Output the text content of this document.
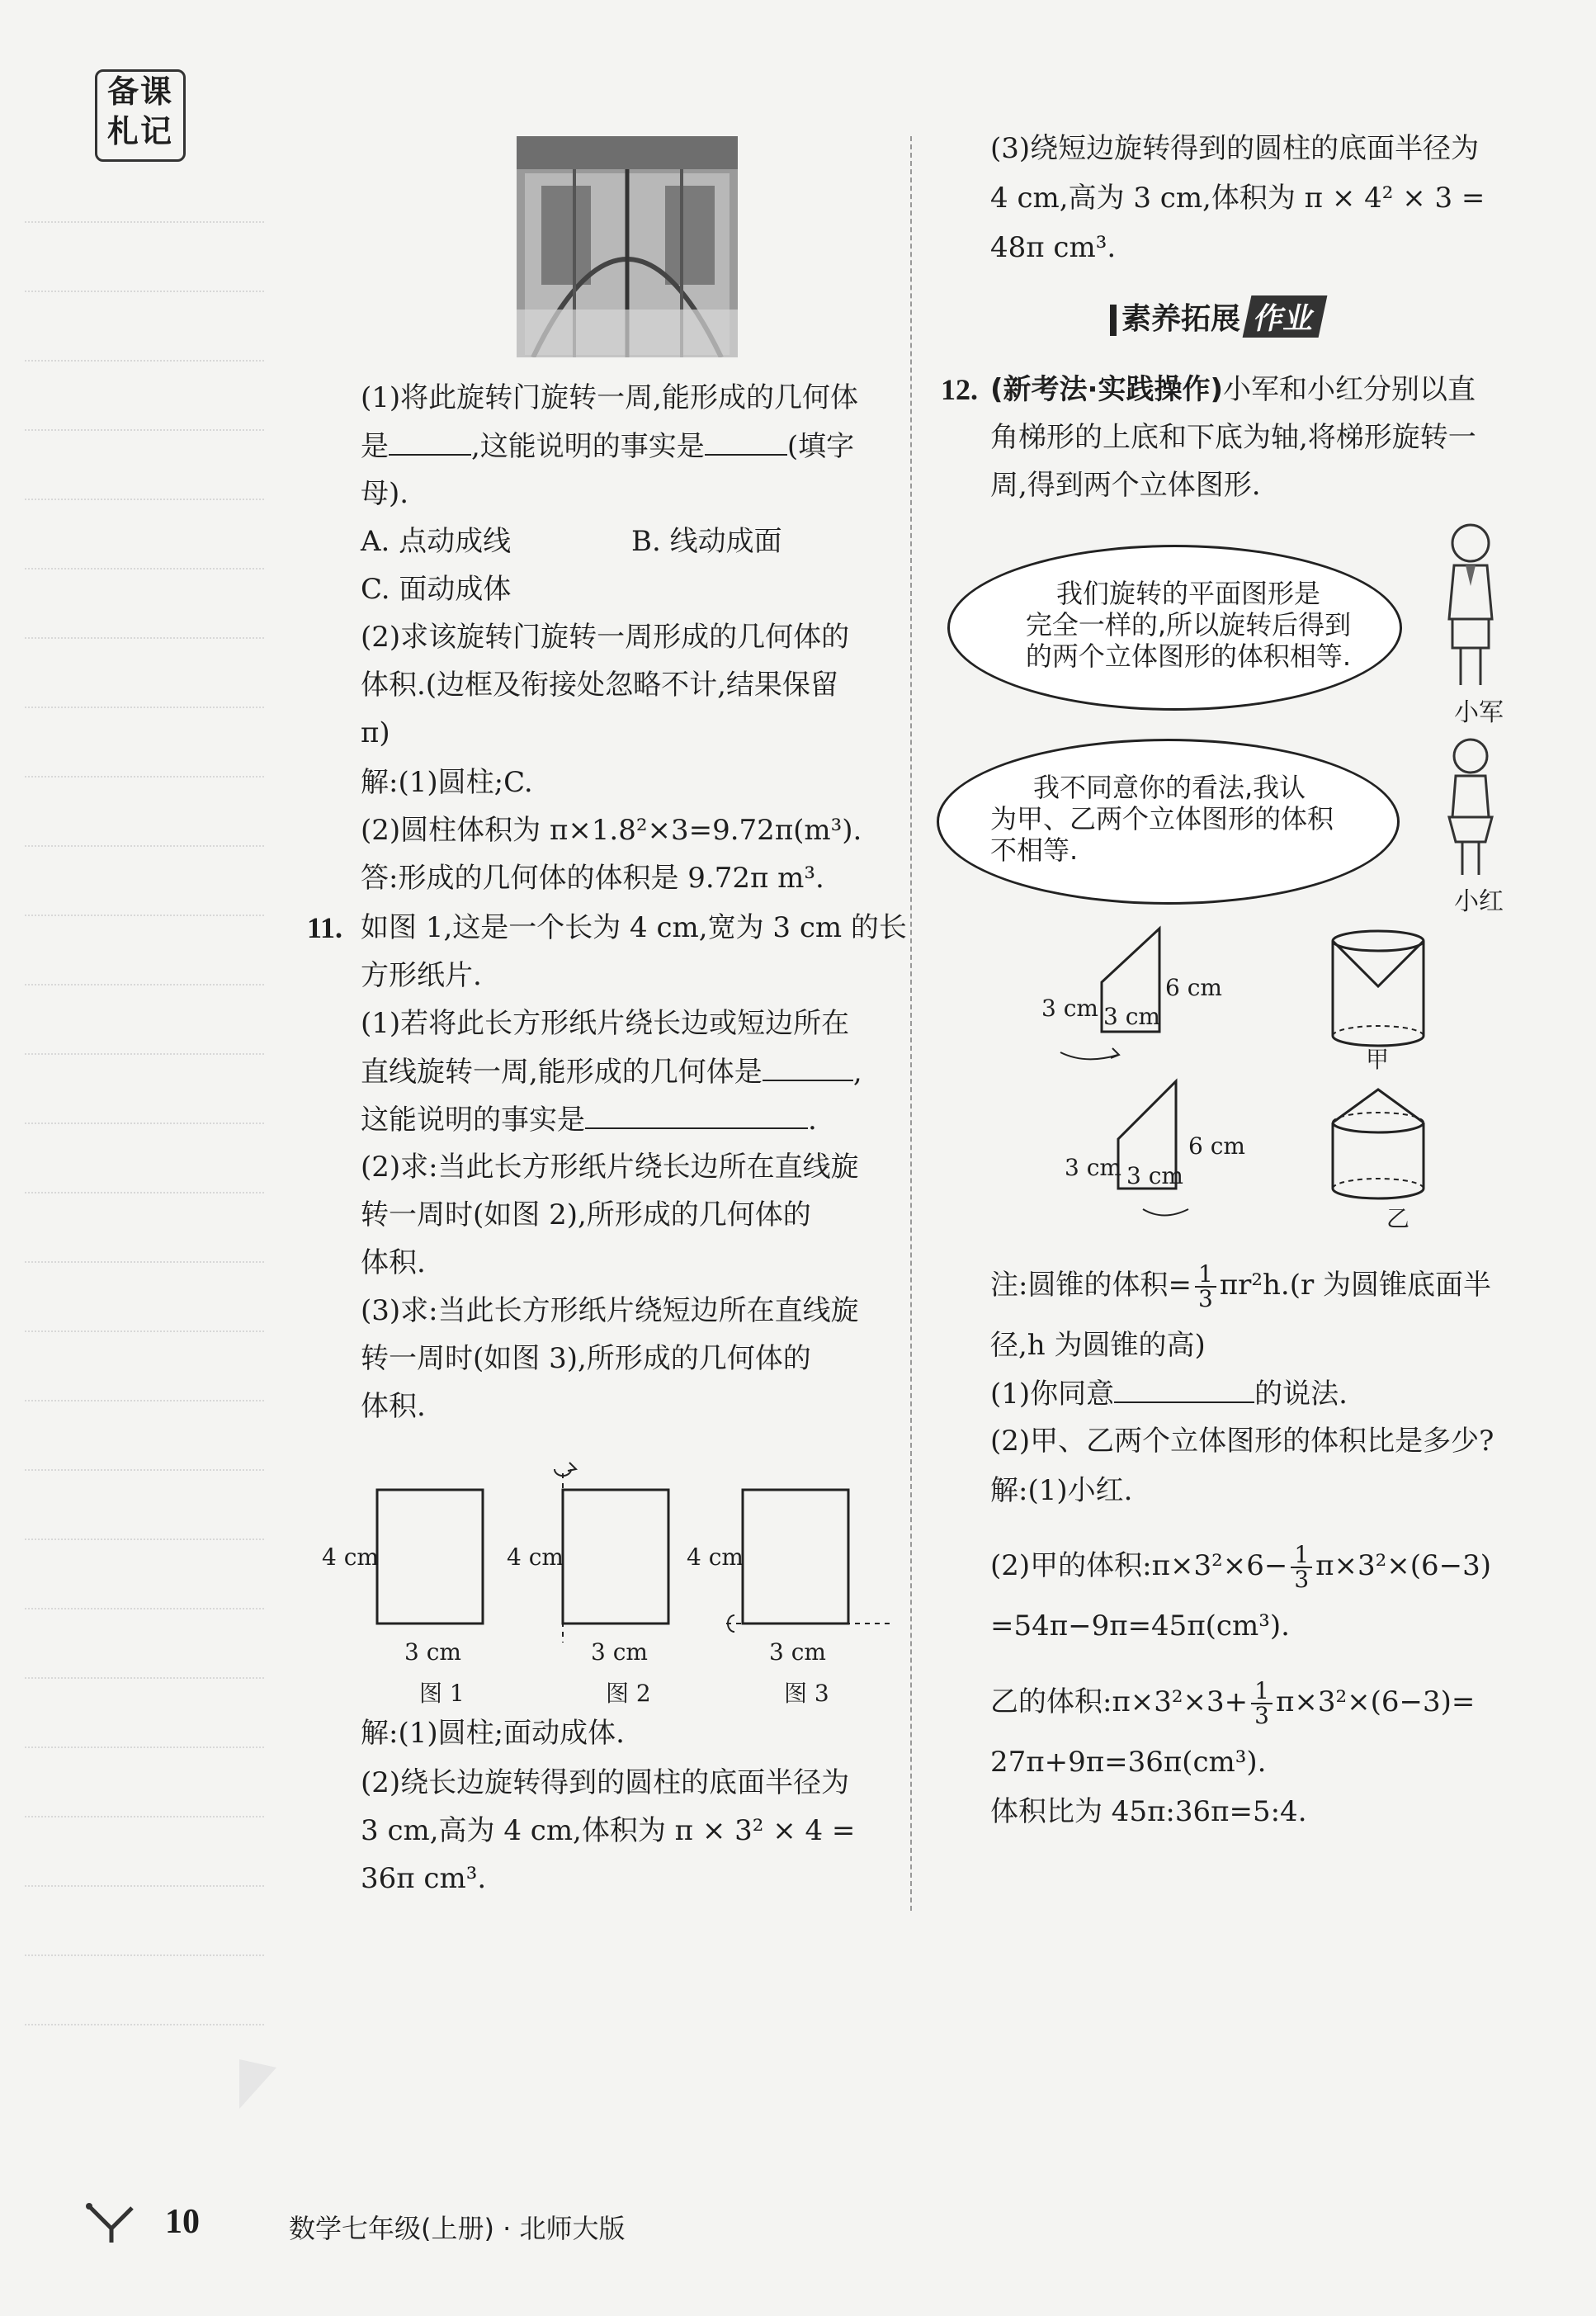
备课
札记
(1)将此旋转门旋转一周,能形成的几何体
是	,这能说明的事实是	(填字
母).
A. 点动成线	B. 线动成面
C. 面动成体
(2)求该旋转门旋转一周形成的几何体的
体积.(边框及衔接处忽略不计,结果保留
π)
解:(1)圆柱;C.
(2)圆柱体积为 π×1.8²×3=9.72π(m³).
答:形成的几何体的体积是 9.72π m³.
11. 如图 1,这是一个长为 4 cm,宽为 3 cm 的长
方形纸片.
(1)若将此长方形纸片绕长边或短边所在
直线旋转一周,能形成的几何体是	,
这能说明的事实是	.
(2)求:当此长方形纸片绕长边所在直线旋
转一周时(如图 2),所形成的几何体的
体积.
(3)求:当此长方形纸片绕短边所在直线旋
转一周时(如图 3),所形成的几何体的
体积.
4 cm
3 cm
图 1
4 cm
3 cm
图 2
4 cm
3 cm
图 3
解:(1)圆柱;面动成体.
(2)绕长边旋转得到的圆柱的底面半径为
3 cm,高为 4 cm,体积为 π × 3² × 4 =
36π cm³.
(3)绕短边旋转得到的圆柱的底面半径为
4 cm,高为 3 cm,体积为 π × 4² × 3 =
48π cm³.
素养拓展 作业
12. (新考法·实践操作)小军和小红分别以直
角梯形的上底和下底为轴,将梯形旋转一
周,得到两个立体图形.
我们旋转的平面图形是
完全一样的,所以旋转后得到
的两个立体图形的体积相等.
小军
我不同意你的看法,我认
为甲、乙两个立体图形的体积
不相等.
小红
3 cm 3 cm
6 cm
甲
3 cm 3 cm
6 cm
乙
注:圆锥的体积= $\frac{1}{3} \pi r^2h.(r$ 为圆锥底面半
径,h 为圆锥的高)
(1)你同意	的说法.
(2)甲、乙两个立体图形的体积比是多少?
解:(1)小红.
(2)甲的体积:π×3²×6− $\frac{1}{3} \pi\times 3^2\times(6-3)$
=54π−9π=45π(cm³).
乙的体积:π×3²×3+ $\frac{1}{3} \pi\times 3^2\times(6-3)=$
27π+9π=36π(cm³).
体积比为 45π:36π=5:4.
10	数学七年级(上册) · 北师大版
